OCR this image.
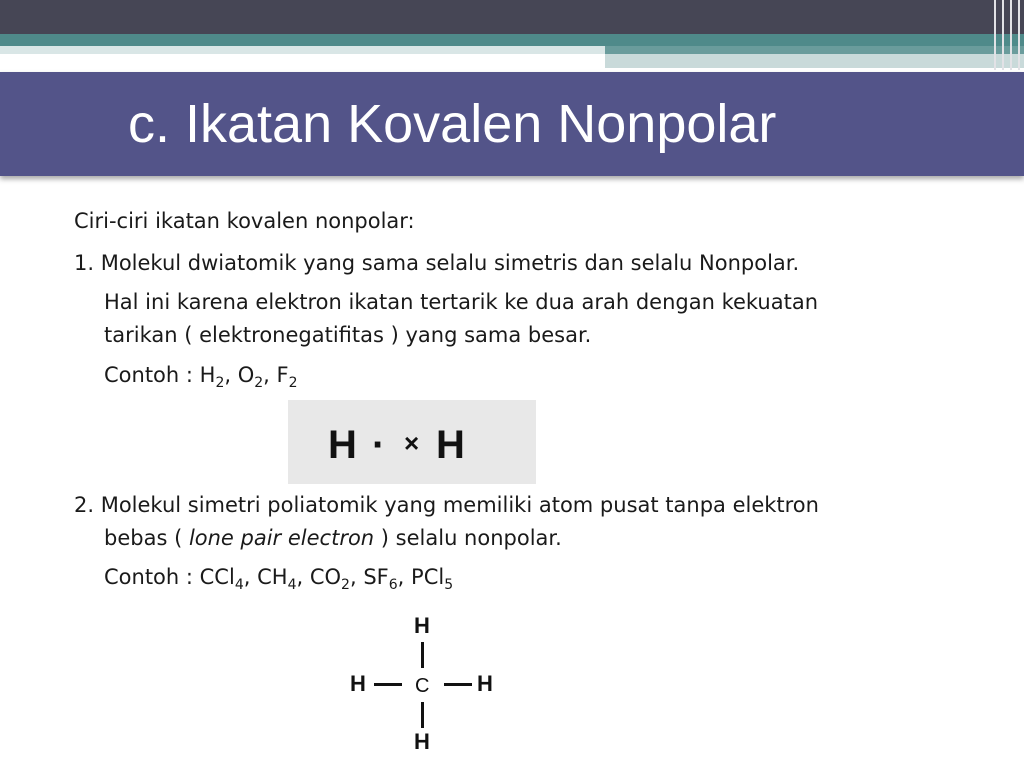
c. Ikatan Kovalen Nonpolar

Ciri-ciri ikatan kovalen nonpolar:

1. Molekul dwiatomik yang sama selalu simetris dan selalu Nonpolar.

Hal ini karena elektron ikatan tertarik ke dua arah dengan kekuatan

tarikan ( elektronegatifitas ) yang sama besar.

Contoh : $H_2$, $O_2$, $F_2$

2. Molekul simetri poliatomik yang memiliki atom pusat tanpa elektron

bebas ( lone pair electron ) selalu nonpolar.

Contoh : CCl$_4$, $CH_4$, $CO_2$, $SF_6$, PCl$_5$

H · × H
H
H C H
H
